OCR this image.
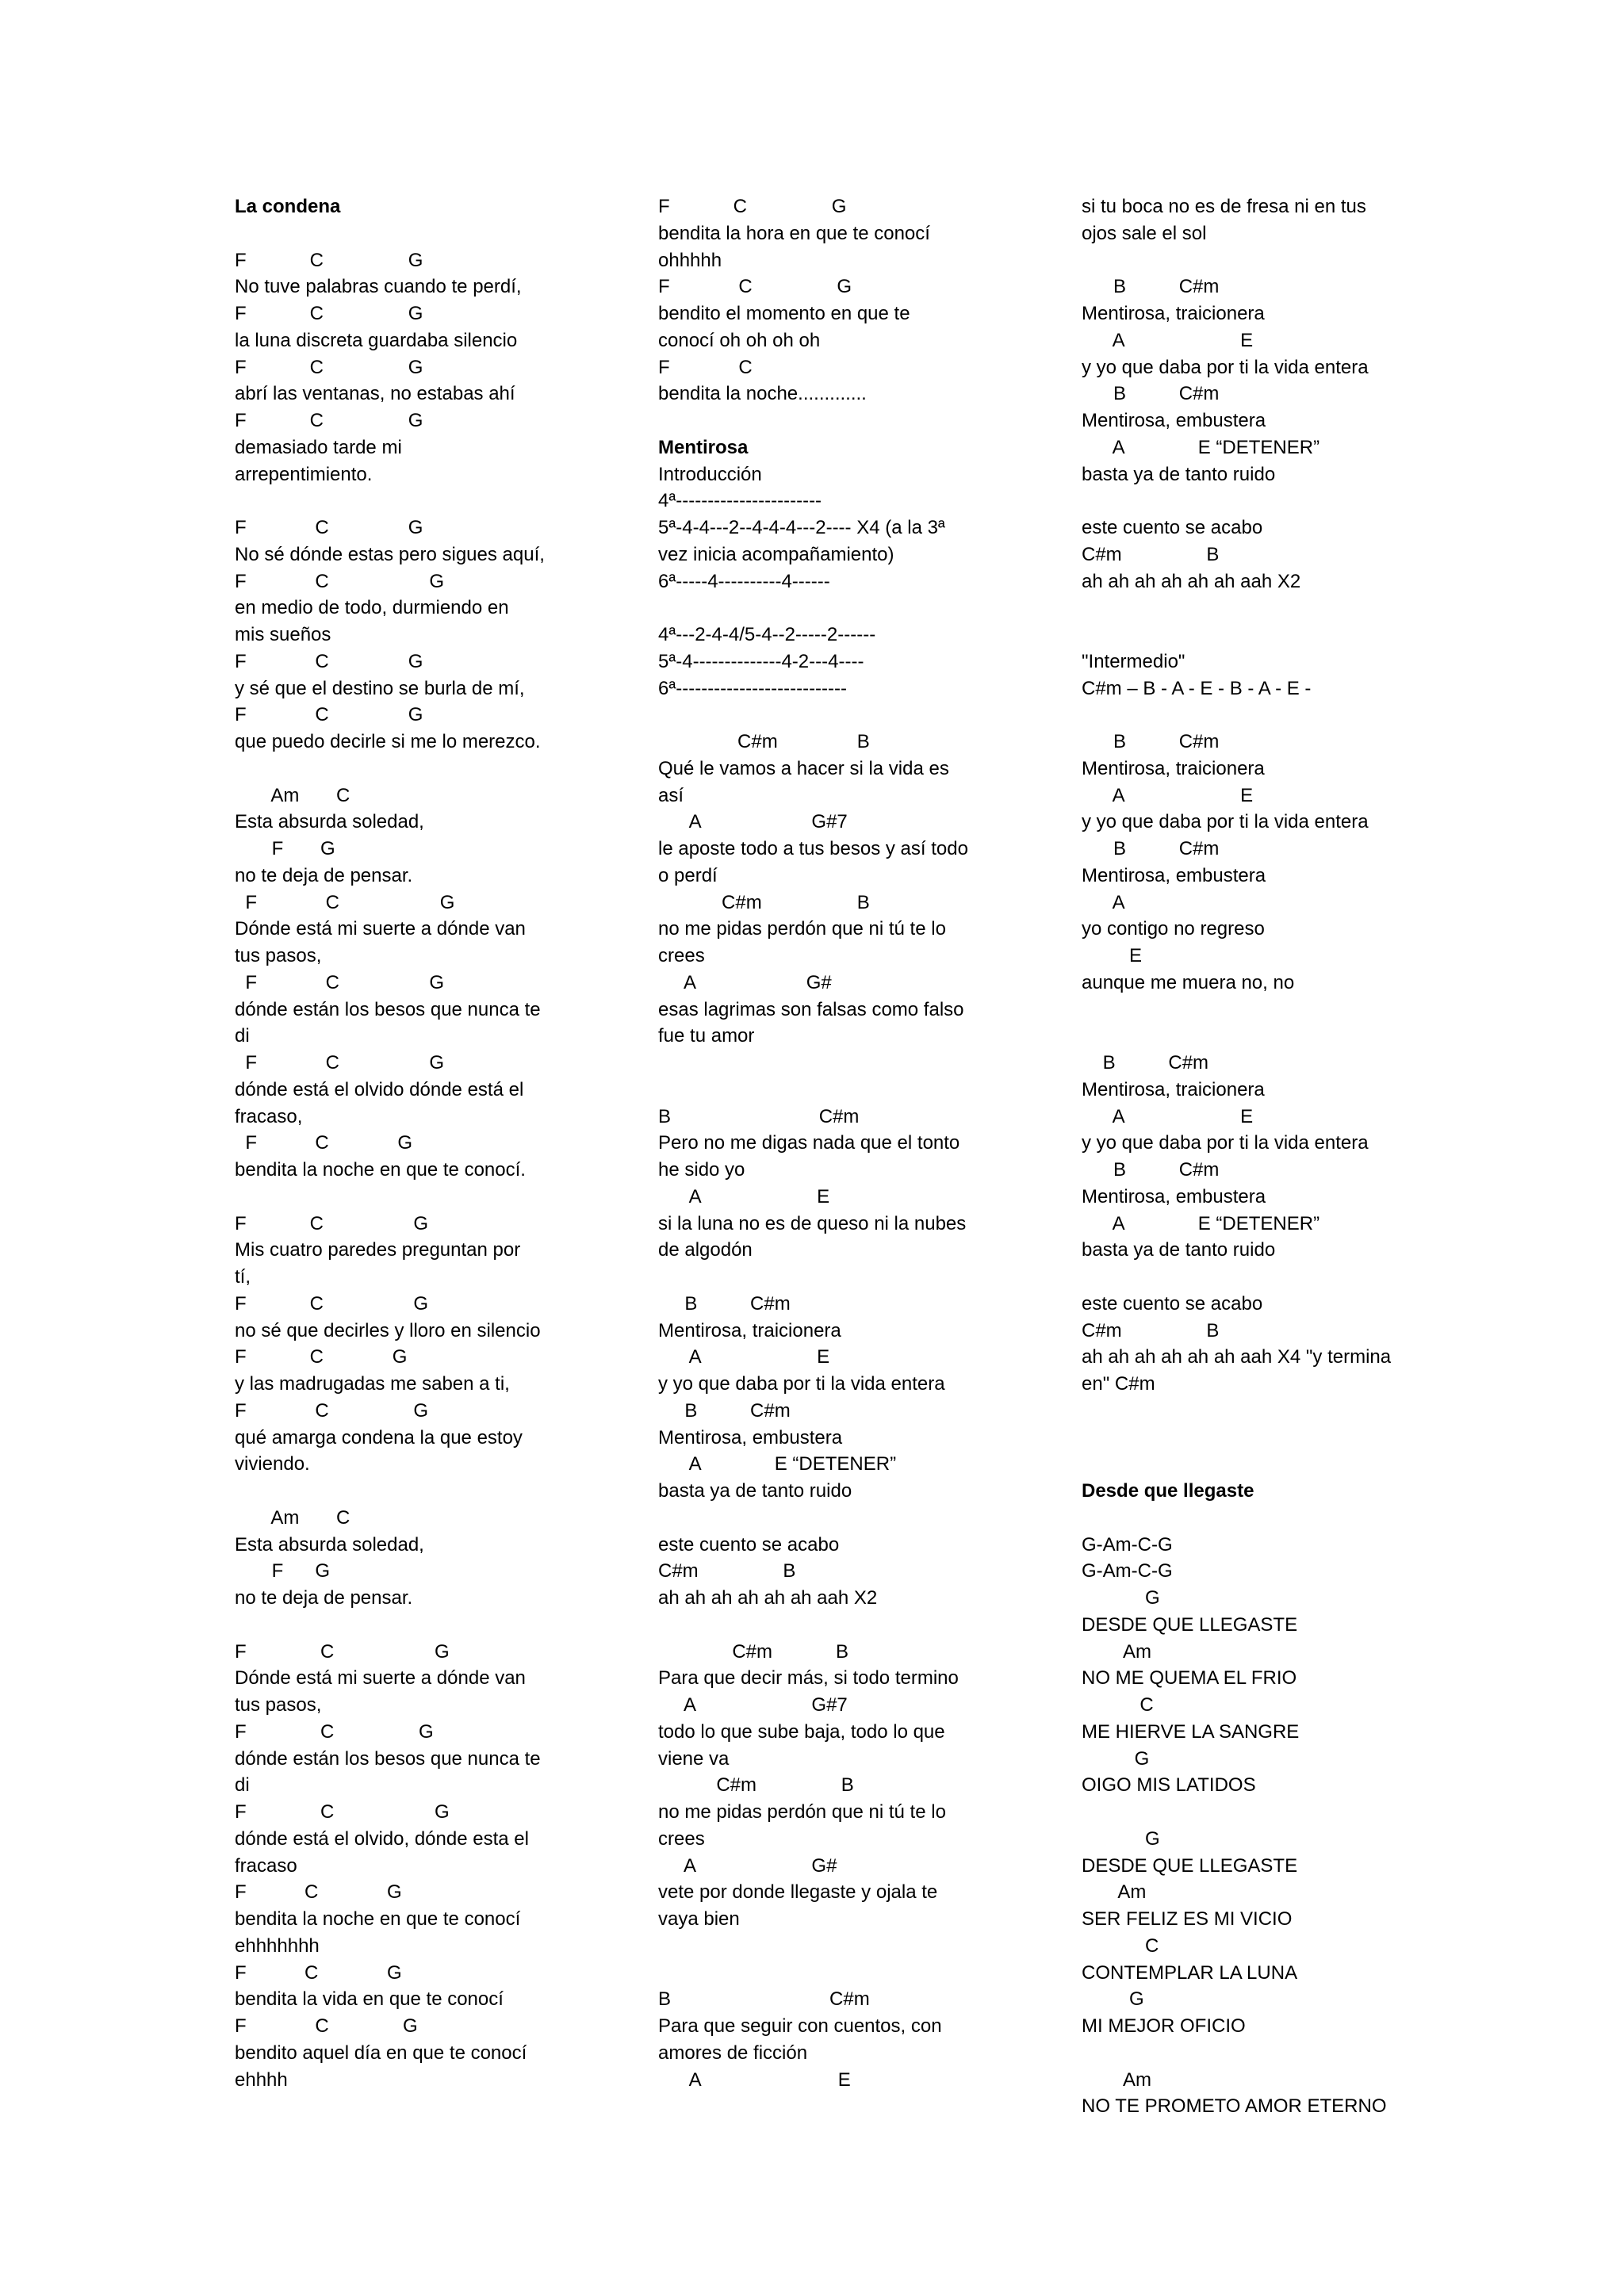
La condena
F            C                G
No tuve palabras cuando te perdí,
F            C                G
la luna discreta guardaba silencio
F            C                G
abrí las ventanas, no estabas ahí
F            C                G
demasiado tarde mi
arrepentimiento.
F             C               G
No sé dónde estas pero sigues aquí,
F             C                   G
en medio de todo, durmiendo en
mis sueños
F             C               G
y sé que el destino se burla de mí,
F             C               G
que puedo decirle si me lo merezco.
Am       C
Esta absurda soledad,
F       G
no te deja de pensar.
F             C                   G
Dónde está mi suerte a dónde van
tus pasos,
F             C                 G
dónde están los besos que nunca te
di
F             C                 G
dónde está el olvido dónde está el
fracaso,
F           C             G
bendita la noche en que te conocí.
F            C                 G
Mis cuatro paredes preguntan por
tí,
F            C                 G
no sé que decirles y lloro en silencio
F            C             G
y las madrugadas me saben a ti,
F             C                G
qué amarga condena la que estoy
viviendo.
Am       C
Esta absurda soledad,
F      G
no te deja de pensar.
F              C                   G
Dónde está mi suerte a dónde van
tus pasos,
F              C                G
dónde están los besos que nunca te
di
F              C                   G
dónde está el olvido, dónde esta el
fracaso
F           C             G
bendita la noche en que te conocí
ehhhhhhh
F           C             G
bendita la vida en que te conocí
F             C              G
bendito aquel día en que te conocí
ehhhh
F            C                G
bendita la hora en que te conocí
ohhhhh
F             C                G
bendito el momento en que te
conocí oh oh oh oh
F             C
bendita la noche.............
Mentirosa
Introducción
4ª-----------------------
5ª-4-4---2--4-4-4---2---- X4 (a la 3ª
vez inicia acompañamiento)
6ª-----4----------4------
4ª---2-4-4/5-4--2-----2------
5ª-4--------------4-2---4----
6ª---------------------------
C#m               B
Qué le vamos a hacer si la vida es
así
A                     G#7
le aposte todo a tus besos y así todo
o perdí
C#m                  B
no me pidas perdón que ni tú te lo
crees
A                     G#
esas lagrimas son falsas como falso
fue tu amor
B                            C#m
Pero no me digas nada que el tonto
he sido yo
A                      E
si la luna no es de queso ni la nubes
de algodón
B          C#m
Mentirosa, traicionera
A                      E
y yo que daba por ti la vida entera
B          C#m
Mentirosa, embustera
A              E “DETENER”
basta ya de tanto ruido
este cuento se acabo
C#m                B
ah ah ah ah ah ah aah X2
C#m            B
Para que decir más, si todo termino
A                      G#7
todo lo que sube baja, todo lo que
viene va
C#m                B
no me pidas perdón que ni tú te lo
crees
A                      G#
vete por donde llegaste y ojala te
vaya bien
B                              C#m
Para que seguir con cuentos, con
amores de ficción
A                          E
si tu boca no es de fresa ni en tus
ojos sale el sol
B          C#m
Mentirosa, traicionera
A                      E
y yo que daba por ti la vida entera
B          C#m
Mentirosa, embustera
A              E “DETENER”
basta ya de tanto ruido
este cuento se acabo
C#m                B
ah ah ah ah ah ah aah X2
"Intermedio"
C#m – B - A - E - B - A - E -
B          C#m
Mentirosa, traicionera
A                      E
y yo que daba por ti la vida entera
B          C#m
Mentirosa, embustera
A
yo contigo no regreso
E
aunque me muera no, no
B          C#m
Mentirosa, traicionera
A                      E
y yo que daba por ti la vida entera
B          C#m
Mentirosa, embustera
A              E “DETENER”
basta ya de tanto ruido
este cuento se acabo
C#m                B
ah ah ah ah ah ah aah X4 "y termina
en" C#m
Desde que llegaste
G-Am-C-G
G-Am-C-G
G
DESDE QUE LLEGASTE
Am
NO ME QUEMA EL FRIO
C
ME HIERVE LA SANGRE
G
OIGO MIS LATIDOS
G
DESDE QUE LLEGASTE
Am
SER FELIZ ES MI VICIO
C
CONTEMPLAR LA LUNA
G
MI MEJOR OFICIO
Am
NO TE PROMETO AMOR ETERNO
